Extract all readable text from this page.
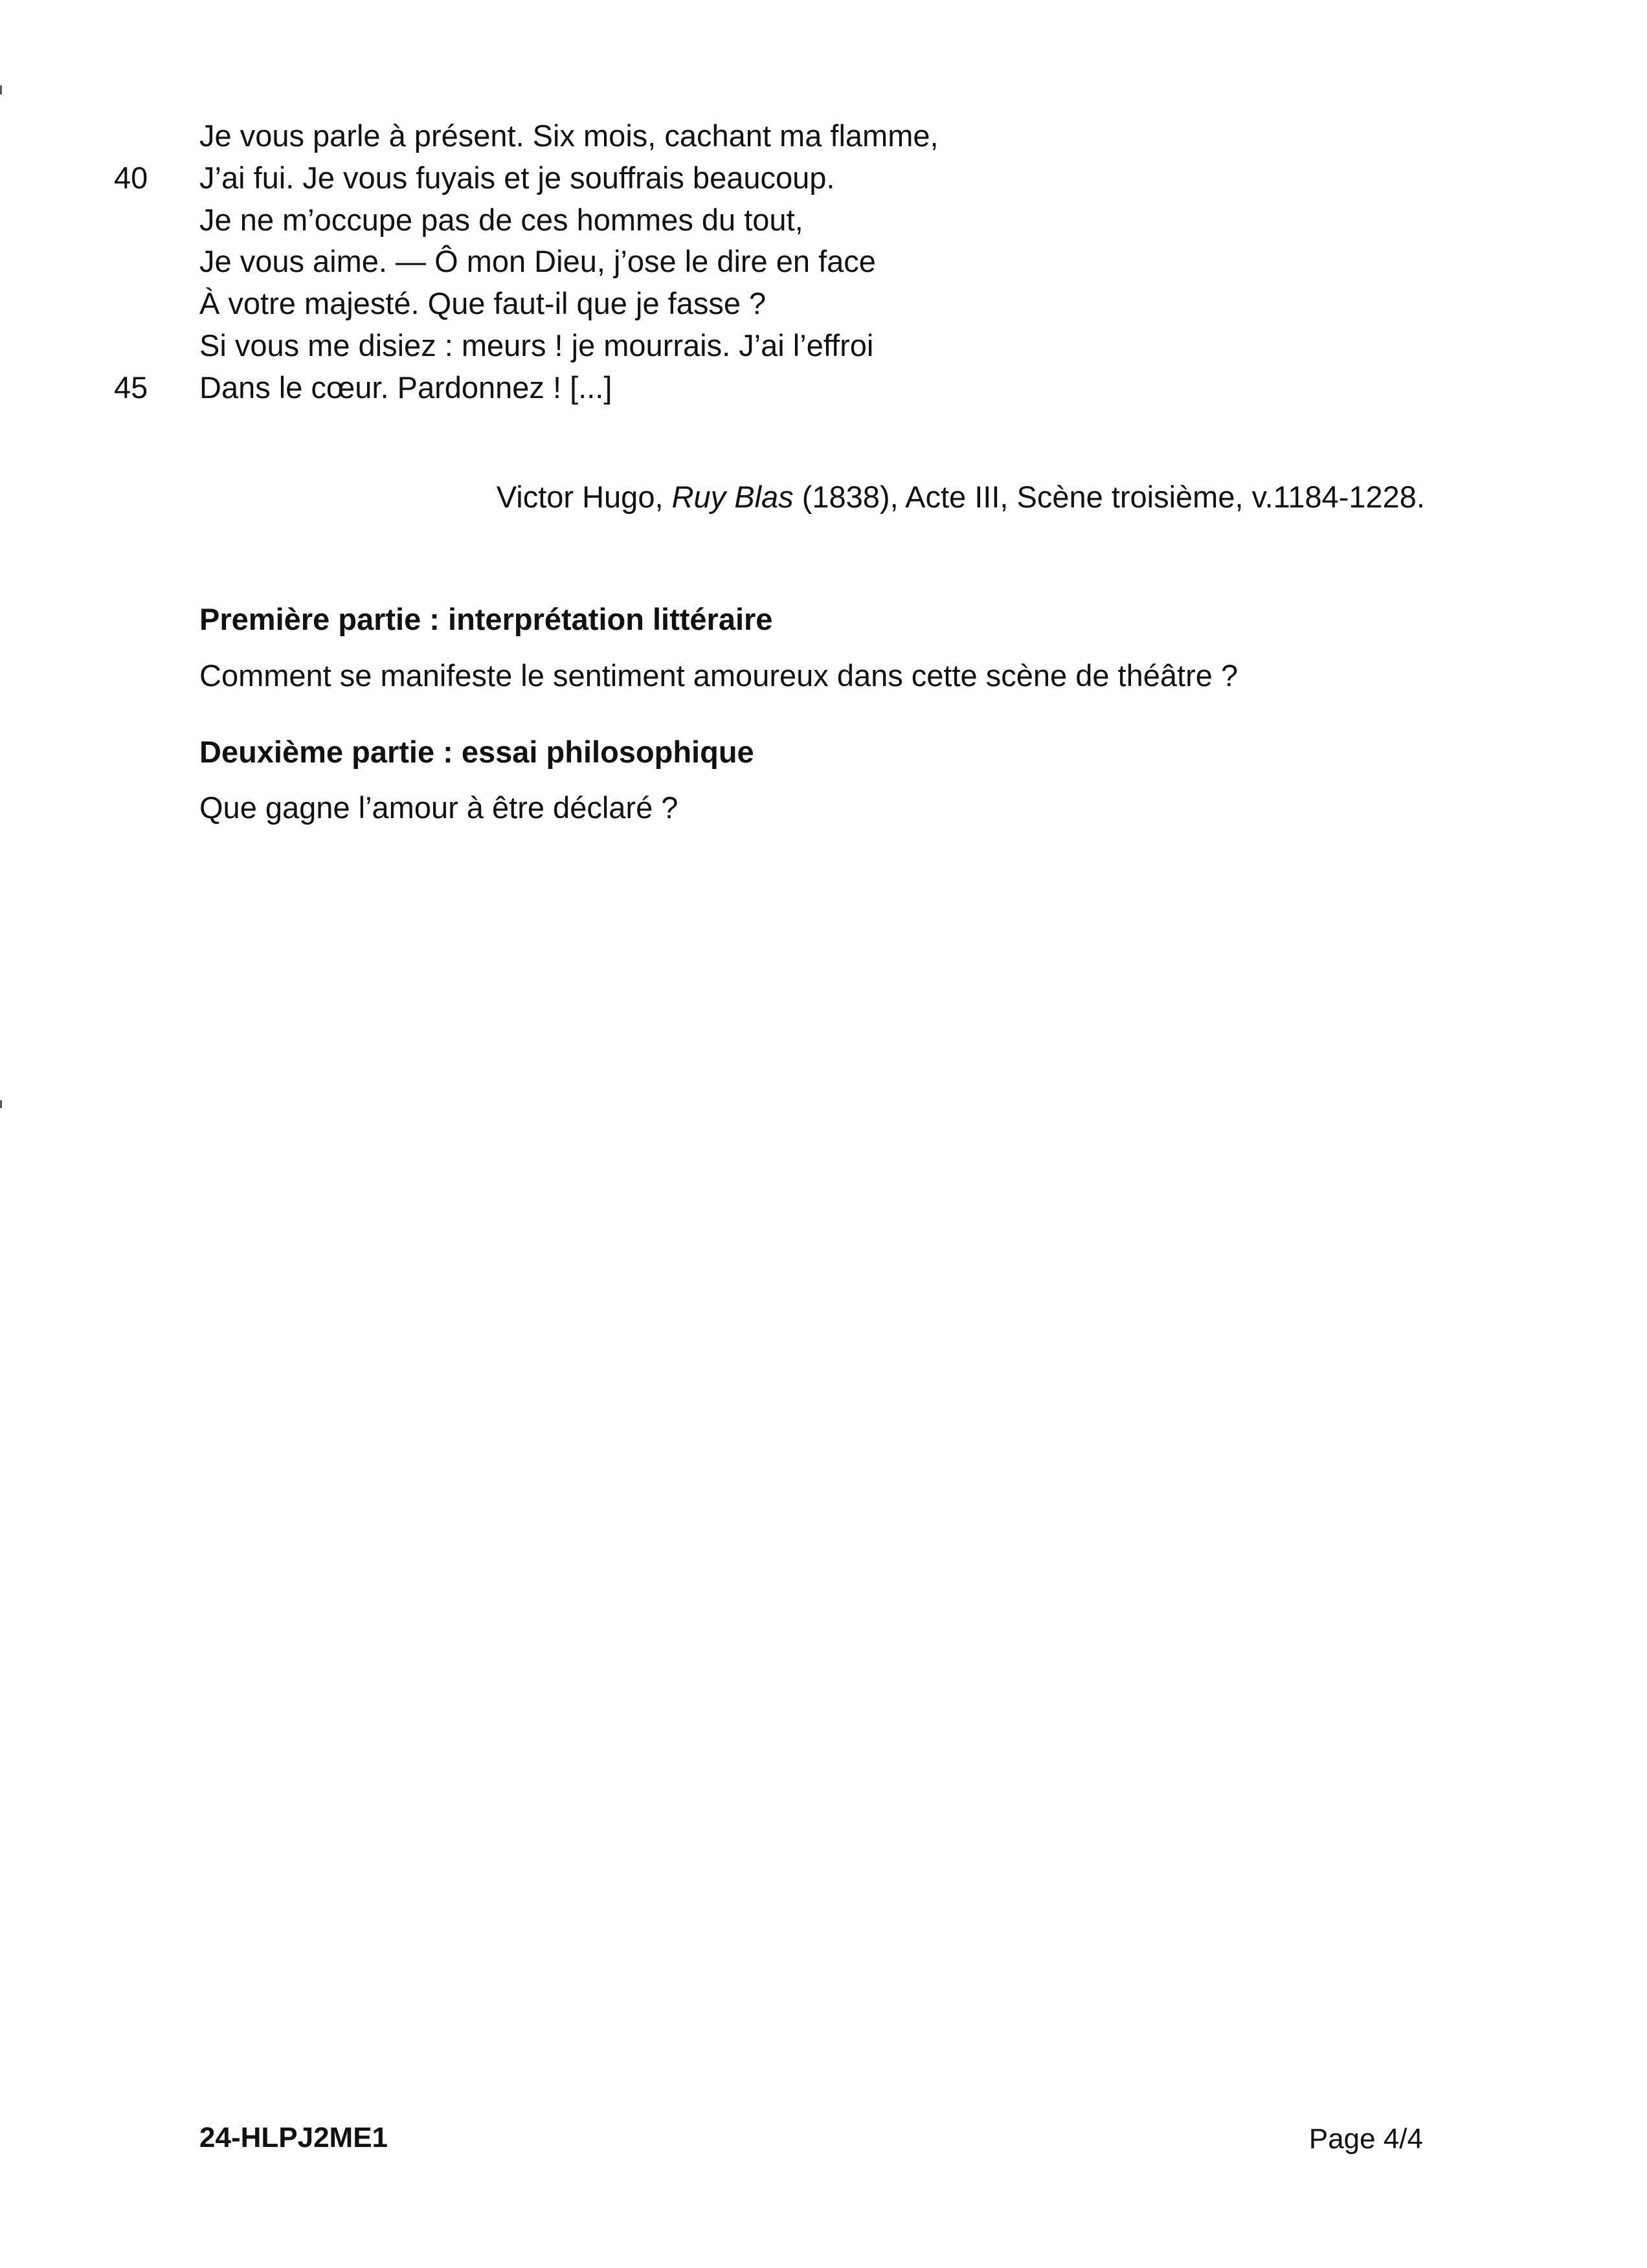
Je vous parle à présent. Six mois, cachant ma flamme,
40	J’ai fui. Je vous fuyais et je souffrais beaucoup.
Je ne m’occupe pas de ces hommes du tout,
Je vous aime. — Ô mon Dieu, j’ose le dire en face
À votre majesté. Que faut-il que je fasse ?
Si vous me disiez : meurs ! je mourrais. J’ai l’effroi
45	Dans le cœur. Pardonnez ! [...]
Victor Hugo, Ruy Blas (1838), Acte III, Scène troisième, v.1184-1228.
Première partie : interprétation littéraire
Comment se manifeste le sentiment amoureux dans cette scène de théâtre ?
Deuxième partie : essai philosophique
Que gagne l’amour à être déclaré ?
24-HLPJ2ME1	Page 4/4
